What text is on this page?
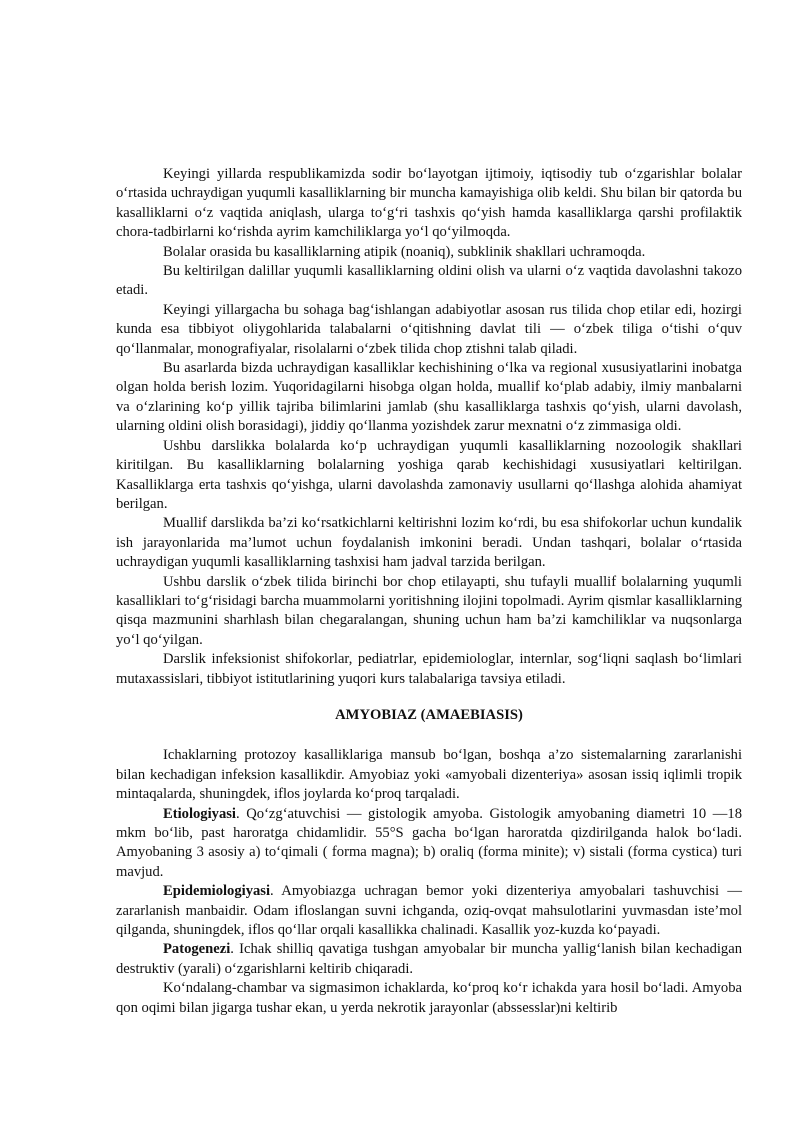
Keyingi yillarda respublikamizda sodir bo‘layotgan ijtimoiy, iqtisodiy tub o‘zgarishlar bolalar o‘rtasida uchraydigan yuqumli kasalliklarning bir muncha kamayishiga olib keldi. Shu bilan bir qatorda bu kasalliklarni o‘z vaqtida aniqlash, ularga to‘g‘ri tashxis qo‘yish hamda kasalliklarga qarshi profilaktik chora-tadbirlarni ko‘rishda ayrim kamchiliklarga yo‘l qo‘yilmoqda.

Bolalar orasida bu kasalliklarning atipik (noaniq), subklinik shakllari uchramoqda.

Bu keltirilgan dalillar yuqumli kasalliklarning oldini olish va ularni o‘z vaqtida davolashni takozo etadi.

Keyingi yillargacha bu sohaga bag‘ishlangan adabiyotlar asosan rus tilida chop etilar edi, hozirgi kunda esa tibbiyot oliygohlarida talabalarni o‘qitishning davlat tili — o‘zbek tiliga o‘tishi o‘quv qo‘llanmalar, monografiyalar, risolalarni o‘zbek tilida chop ztishni talab qiladi.

Bu asarlarda bizda uchraydigan kasalliklar kechishining o‘lka va regional xususiyatlarini inobatga olgan holda berish lozim. Yuqoridagilarni hisobga olgan holda, muallif ko‘plab adabiy, ilmiy manbalarni va o‘zlarining ko‘p yillik tajriba bilimlarini jamlab (shu kasalliklarga tashxis qo‘yish, ularni davolash, ularning oldini olish borasidagi), jiddiy qo‘llanma yozishdek zarur mexnatni o‘z zimmasiga oldi.

Ushbu darslikka bolalarda ko‘p uchraydigan yuqumli kasalliklarning nozoologik shakllari kiritilgan. Bu kasalliklarning bolalarning yoshiga qarab kechishidagi xususiyatlari keltirilgan. Kasalliklarga erta tashxis qo‘yishga, ularni davolashda zamonaviy usullarni qo‘llashga alohida ahamiyat berilgan.

Muallif darslikda ba’zi ko‘rsatkichlarni keltirishni lozim ko‘rdi, bu esa shifokorlar uchun kundalik ish jarayonlarida ma’lumot uchun foydalanish imkonini beradi. Undan tashqari, bolalar o‘rtasida uchraydigan yuqumli kasalliklarning tashxisi ham jadval tarzida berilgan.

Ushbu darslik o‘zbek tilida birinchi bor chop etilayapti, shu tufayli muallif bolalarning yuqumli kasalliklari to‘g‘risidagi barcha muammolarni yoritishning ilojini topolmadi. Ayrim qismlar kasalliklarning qisqa mazmunini sharhlash bilan chegaralangan, shuning uchun ham ba’zi kamchiliklar va nuqsonlarga yo‘l qo‘yilgan.

Darslik infeksionist shifokorlar, pediatrlar, epidemiologlar, internlar, sog‘liqni saqlash bo‘limlari mutaxassislari, tibbiyot istitutlarining yuqori kurs talabalariga tavsiya etiladi.

AMYOBIAZ (AMAEBIASIS)

Ichaklarning protozoy kasalliklariga mansub bo‘lgan, boshqa a’zo sistemalarning zararlanishi bilan kechadigan infeksion kasallikdir. Amyobiaz yoki «amyobali dizenteriya» asosan issiq iqlimli tropik mintaqalarda, shuningdek, iflos joylarda ko‘proq tarqaladi.

Etiologiyasi. Qo‘zg‘atuvchisi — gistologik amyoba. Gistologik amyobaning diametri 10 —18 mkm bo‘lib, past haroratga chidamlidir. 55°S gacha bo‘lgan haroratda qizdirilganda halok bo‘ladi. Amyobaning 3 asosiy a) to‘qimali ( forma magna); b) oraliq (forma minite); v) sistali (forma cystica) turi mavjud.

Epidemiologiyasi. Amyobiazga uchragan bemor yoki dizenteriya amyobalari tashuvchisi — zararlanish manbaidir. Odam ifloslangan suvni ichganda, oziq-ovqat mahsulotlarini yuvmasdan iste’mol qilganda, shuningdek, iflos qo‘llar orqali kasallikka chalinadi. Kasallik yoz-kuzda ko‘payadi.

Patogenezi. Ichak shilliq qavatiga tushgan amyobalar bir muncha yallig‘lanish bilan kechadigan destruktiv (yarali) o‘zgarishlarni keltirib chiqaradi.

Ko‘ndalang-chambar va sigmasimon ichaklarda, ko‘proq ko‘r ichakda yara hosil bo‘ladi. Amyoba qon oqimi bilan jigarga tushar ekan, u yerda nekrotik jarayonlar (abssesslar)ni keltirib
